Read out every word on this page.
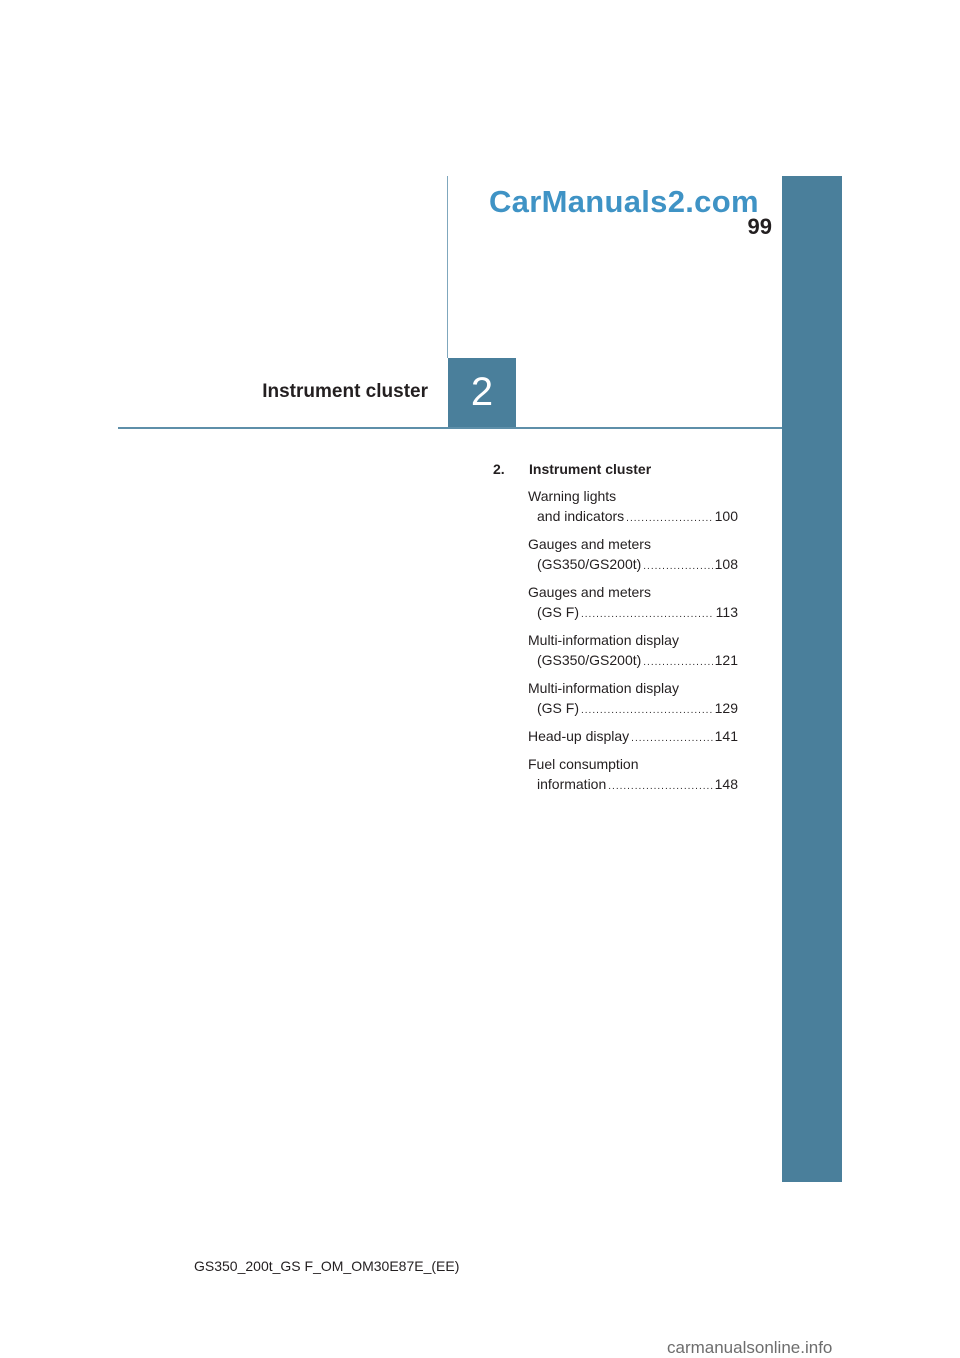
CarManuals2.com
99
Instrument cluster 2
2. Instrument cluster
Warning lights
and indicators .....	100
Gauges and meters
(GS350/GS200t) .....	108
Gauges and meters
(GS F) .....	113
Multi-information display
(GS350/GS200t) .....	121
Multi-information display
(GS F) .....	129
Head-up display .....	141
Fuel consumption
information .....	148
GS350_200t_GS F_OM_OM30E87E_(EE)
carmanualsonline.info
